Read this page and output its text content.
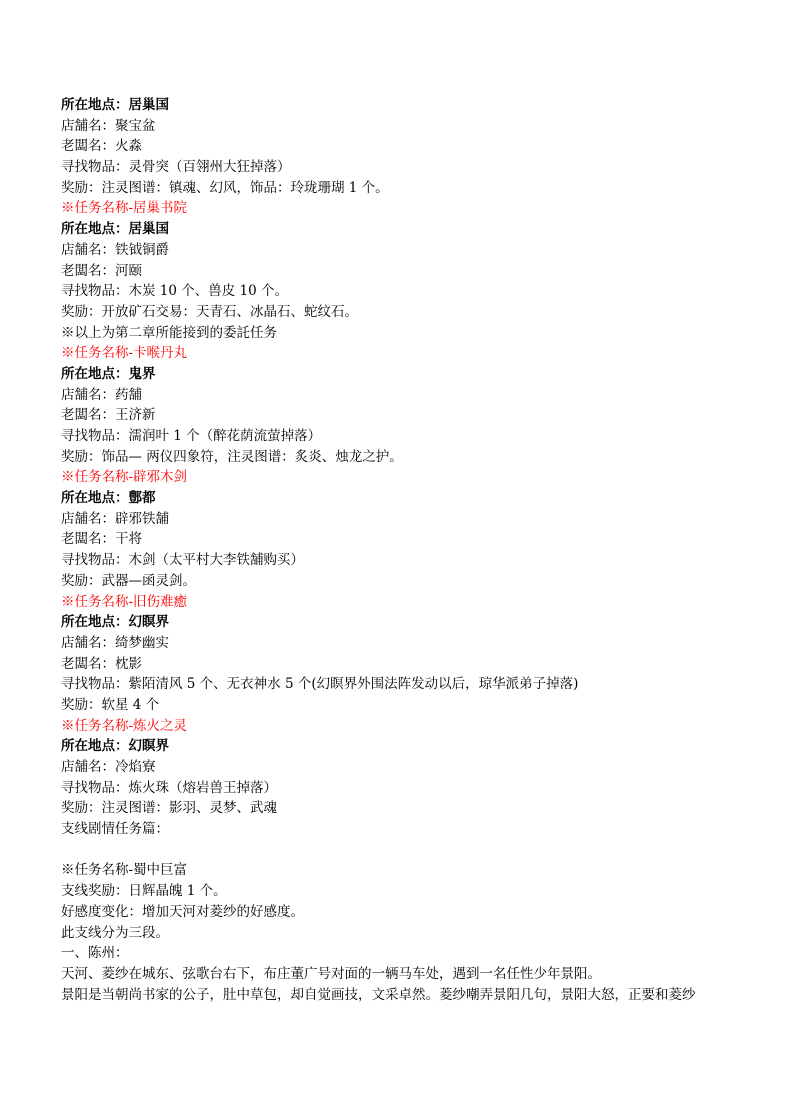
所在地点：居巢国
店舗名：聚宝盆
老闆名：火淼
寻找物品：灵骨突（百翎州大狂掉落）
奖励：注灵图谱：镇魂、幻风，饰品：玲珑珊瑚 1 个。
※任务名称-居巢书院
所在地点：居巢国
店舗名：铁钺铜爵
老闆名：河颐
寻找物品：木炭 10 个、兽皮 10 个。
奖励：开放矿石交易：天青石、冰晶石、蛇纹石。
※以上为第二章所能接到的委託任务
※任务名称-卡喉丹丸
所在地点：鬼界
店舗名：药舗
老闆名：王济新
寻找物品：濡润叶 1 个（醉花荫流萤掉落）
奖励：饰品— 两仪四象符，注灵图谱：炙炎、烛龙之护。
※任务名称-辟邪木剑
所在地点：鄷都
店舗名：辟邪铁舗
老闆名：干将
寻找物品：木剑（太平村大李铁舗购买）
奖励：武器—函灵剑。
※任务名称-旧伤难癒
所在地点：幻瞑界
店舗名：绮梦幽实
老闆名：枕影
寻找物品：紫陌清风 5 个、无衣神水 5 个(幻瞑界外围法阵发动以后，琼华派弟子掉落)
奖励：软星 4 个
※任务名称-炼火之灵
所在地点：幻瞑界
店舗名：冷焰寮
寻找物品：炼火珠（熔岩兽王掉落）
奖励：注灵图谱：影羽、灵梦、武魂
支线剧情任务篇：
※任务名称-蜀中巨富
支线奖励：日辉晶魄 1 个。
好感度变化：增加天河对菱纱的好感度。
此支线分为三段。
一、陈州：
天河、菱纱在城东、弦歌台右下，布庄董广号对面的一辆马车处，遇到一名任性少年景阳。
景阳是当朝尚书家的公子，肚中草包，却自觉画技，文采卓然。菱纱嘲弄景阳几句，景阳大怒，正要和菱纱
